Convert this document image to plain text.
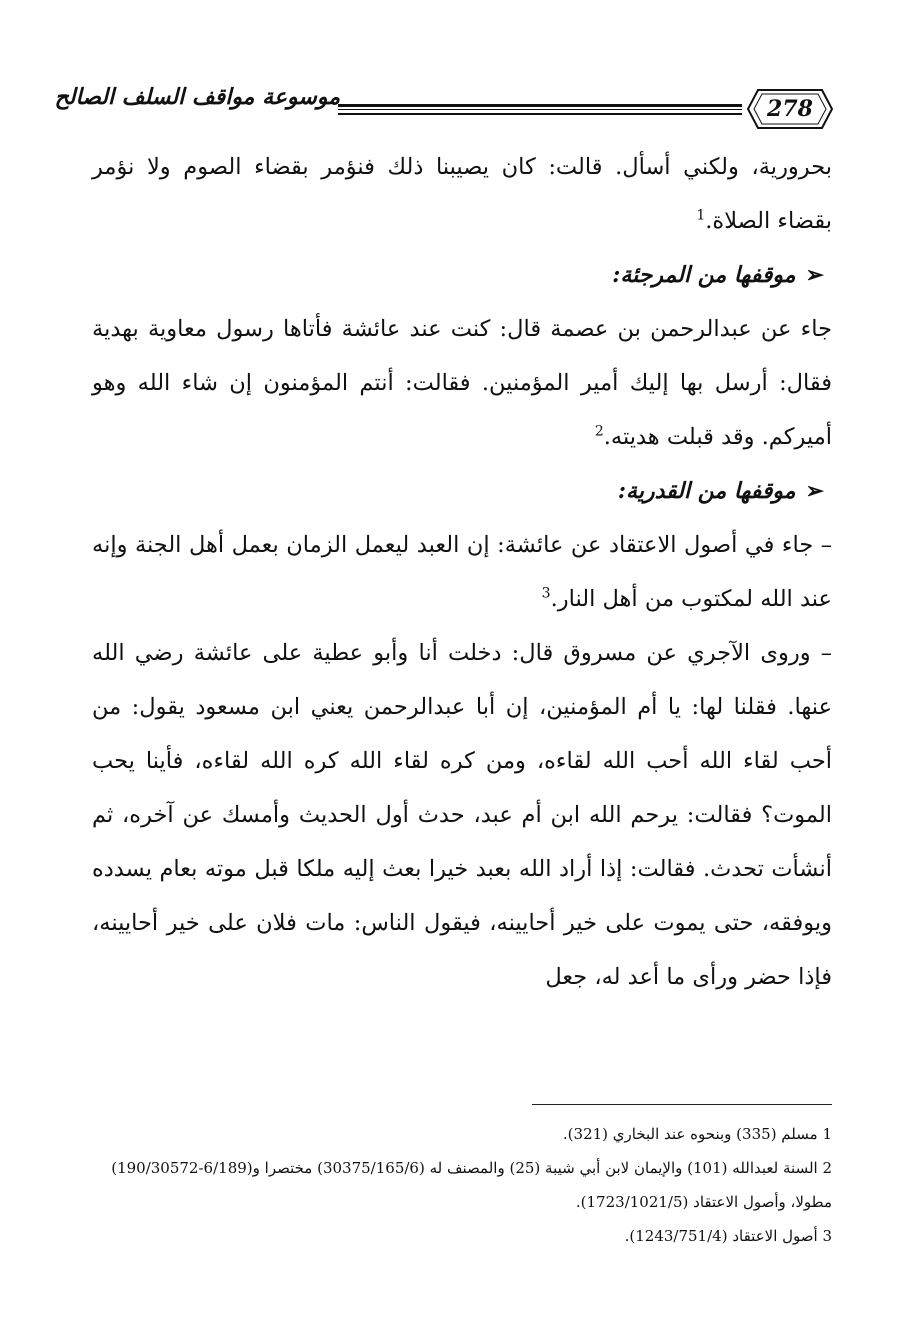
موسوعة مواقف السلف الصالح	278

بحرورية، ولكني أسأل. قالت: كان يصيبنا ذلك فنؤمر بقضاء الصوم ولا نؤمر بقضاء الصلاة.$^1$

➢
موقفها من المرجئة:

جاء عن عبدالرحمن بن عصمة قال: كنت عند عائشة فأتاها رسول معاوية بهدية فقال: أرسل بها إليك أمير المؤمنين. فقالت: أنتم المؤمنون إن شاء الله وهو أميركم. وقد قبلت هديته.$^2$

➢
موقفها من القدرية:

– جاء في أصول الاعتقاد عن عائشة: إن العبد ليعمل الزمان بعمل أهل الجنة وإنه عند الله لمكتوب من أهل النار.$^3$

– وروى الآجري عن مسروق قال: دخلت أنا وأبو عطية على عائشة رضي الله عنها. فقلنا لها: يا أم المؤمنين، إن أبا عبدالرحمن يعني ابن مسعود يقول: من أحب لقاء الله أحب الله لقاءه، ومن كره لقاء الله كره الله لقاءه، فأينا يحب الموت؟ فقالت: يرحم الله ابن أم عبد، حدث أول الحديث وأمسك عن آخره، ثم أنشأت تحدث. فقالت: إذا أراد الله بعبد خيرا بعث إليه ملكا قبل موته بعام يسدده ويوفقه، حتى يموت على خير أحايينه، فيقول الناس: مات فلان على خير أحايينه، فإذا حضر ورأى ما أعد له، جعل

1 مسلم (335) وبنحوه عند البخاري (321).

2 السنة لعبدالله (101) والإيمان لابن أبي شيبة (25) والمصنف له (30375/165/6) مختصرا و(6/189-190/30572) مطولا، وأصول الاعتقاد (1723/1021/5).

3 أصول الاعتقاد (1243/751/4).
